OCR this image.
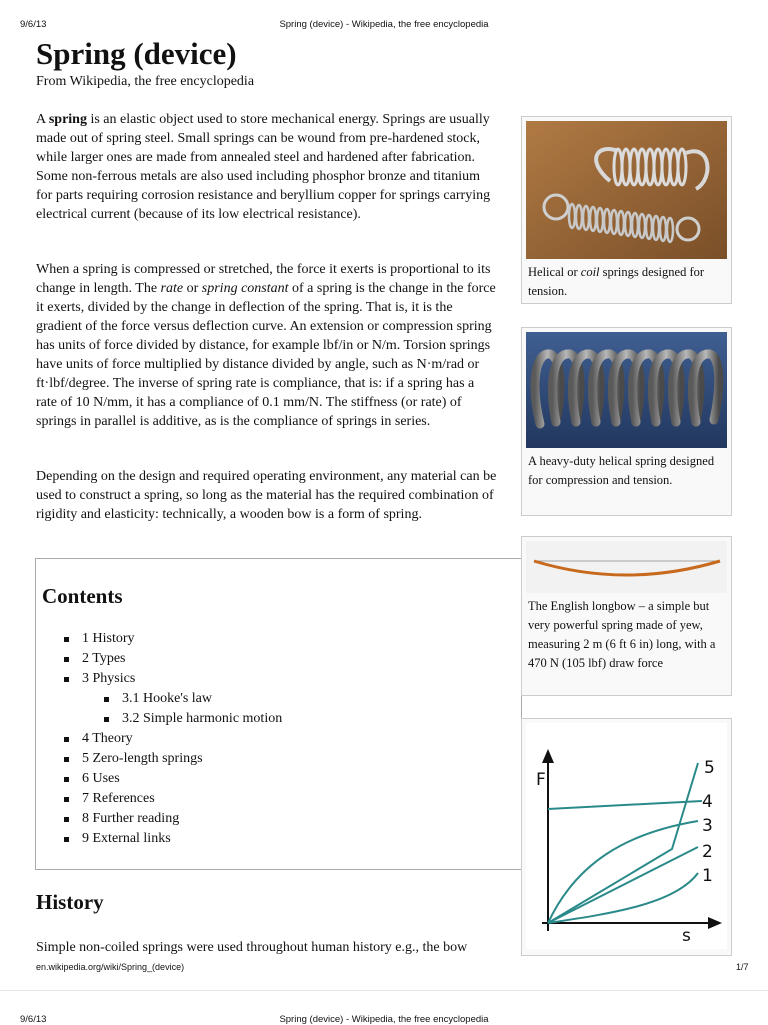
9/6/13	Spring (device) - Wikipedia, the free encyclopedia
Spring (device)
From Wikipedia, the free encyclopedia

A spring is an elastic object used to store mechanical energy. Springs are usually made out of spring steel. Small springs can be wound from pre-hardened stock, while larger ones are made from annealed steel and hardened after fabrication. Some non-ferrous metals are also used including phosphor bronze and titanium for parts requiring corrosion resistance and beryllium copper for springs carrying electrical current (because of its low electrical resistance).

When a spring is compressed or stretched, the force it exerts is proportional to its change in length. The rate or spring constant of a spring is the change in the force it exerts, divided by the change in deflection of the spring. That is, it is the gradient of the force versus deflection curve. An extension or compression spring has units of force divided by distance, for example lbf/in or N/m. Torsion springs have units of force multiplied by distance divided by angle, such as N·m/rad or ft·lbf/degree. The inverse of spring rate is compliance, that is: if a spring has a rate of 10 N/mm, it has a compliance of 0.1 mm/N. The stiffness (or rate) of springs in parallel is additive, as is the compliance of springs in series.

Depending on the design and required operating environment, any material can be used to construct a spring, so long as the material has the required combination of rigidity and elasticity: technically, a wooden bow is a form of spring.

Contents
1 History
2 Types
3 Physics
3.1 Hooke's law
3.2 Simple harmonic motion
4 Theory
5 Zero-length springs
6 Uses
7 References
8 Further reading
9 External links
History

Simple non-coiled springs were used throughout human history e.g., the bow

Helical or coil springs designed for tension.
A heavy-duty helical spring designed for compression and tension.
The English longbow – a simple but very powerful spring made of yew, measuring 2 m (6 ft 6 in) long, with a 470 N (105 lbf) draw force
F
s
1
2
3
4
5
en.wikipedia.org/wiki/Spring_(device)	1/7
9/6/13	Spring (device) - Wikipedia, the free encyclopedia
